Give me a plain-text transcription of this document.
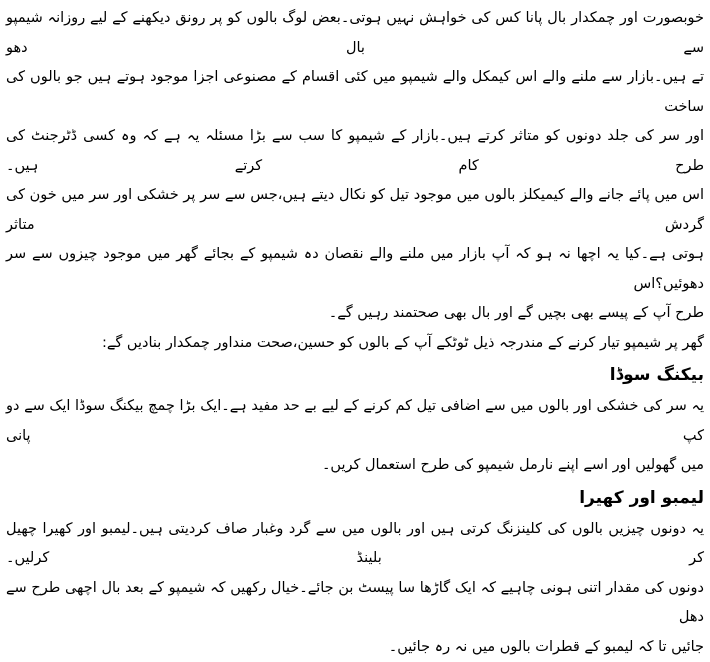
خوبصورت اور چمکدار بال پانا کس کی خواہش نہیں ہوتی۔بعض لوگ بالوں کو پر رونق دیکھنے کے لیے روزانہ شیمپو سے بال دھو
تے ہیں۔بازار سے ملنے والے اس کیمکل والے شیمپو میں کئی اقسام کے مصنوعی اجزا موجود ہوتے ہیں جو بالوں کی ساخت
اور سر کی جلد دونوں کو متاثر کرتے ہیں۔بازار کے شیمپو کا سب سے بڑا مسئلہ یہ ہے کہ وہ کسی ڈٹرجنٹ کی طرح کام کرتے ہیں۔
اس میں پائے جانے والے کیمیکلز بالوں میں موجود تیل کو نکال دیتے ہیں،جس سے سر پر خشکی اور سر میں خون کی گردش متاثر
ہوتی ہے۔کیا یہ اچھا نہ ہو کہ آپ بازار میں ملنے والے نقصان دہ شیمپو کے بجائے گھر میں موجود چیزوں سے سر دھوئیں؟اس
طرح آپ کے پیسے بھی بچیں گے اور بال بھی صحتمند رہیں گے۔

گھر پر شیمپو تیار کرنے کے مندرجہ ذیل ٹوٹکے آپ کے بالوں کو حسین،صحت منداور چمکدار بنادیں گے:

بیکنگ سوڈا

یہ سر کی خشکی اور بالوں میں سے اضافی تیل کم کرنے کے لیے بے حد مفید ہے۔ایک بڑا چمچ بیکنگ سوڈا ایک سے دو کپ پانی
میں گھولیں اور اسے اپنے نارمل شیمپو کی طرح استعمال کریں۔

لیمبو اور کھیرا

یہ دونوں چیزیں بالوں کی کلینزنگ کرتی ہیں اور بالوں میں سے گرد وغبار صاف کردیتی ہیں۔لیمبو اور کھیرا چھیل کر بلینڈ کرلیں۔
دونوں کی مقدار اتنی ہونی چاہیے کہ ایک گاڑھا سا پیسٹ بن جائے۔خیال رکھیں کہ شیمپو کے بعد بال اچھی طرح سے دھل
جائیں تا کہ لیمبو کے قطرات بالوں میں نہ رہ جائیں۔
